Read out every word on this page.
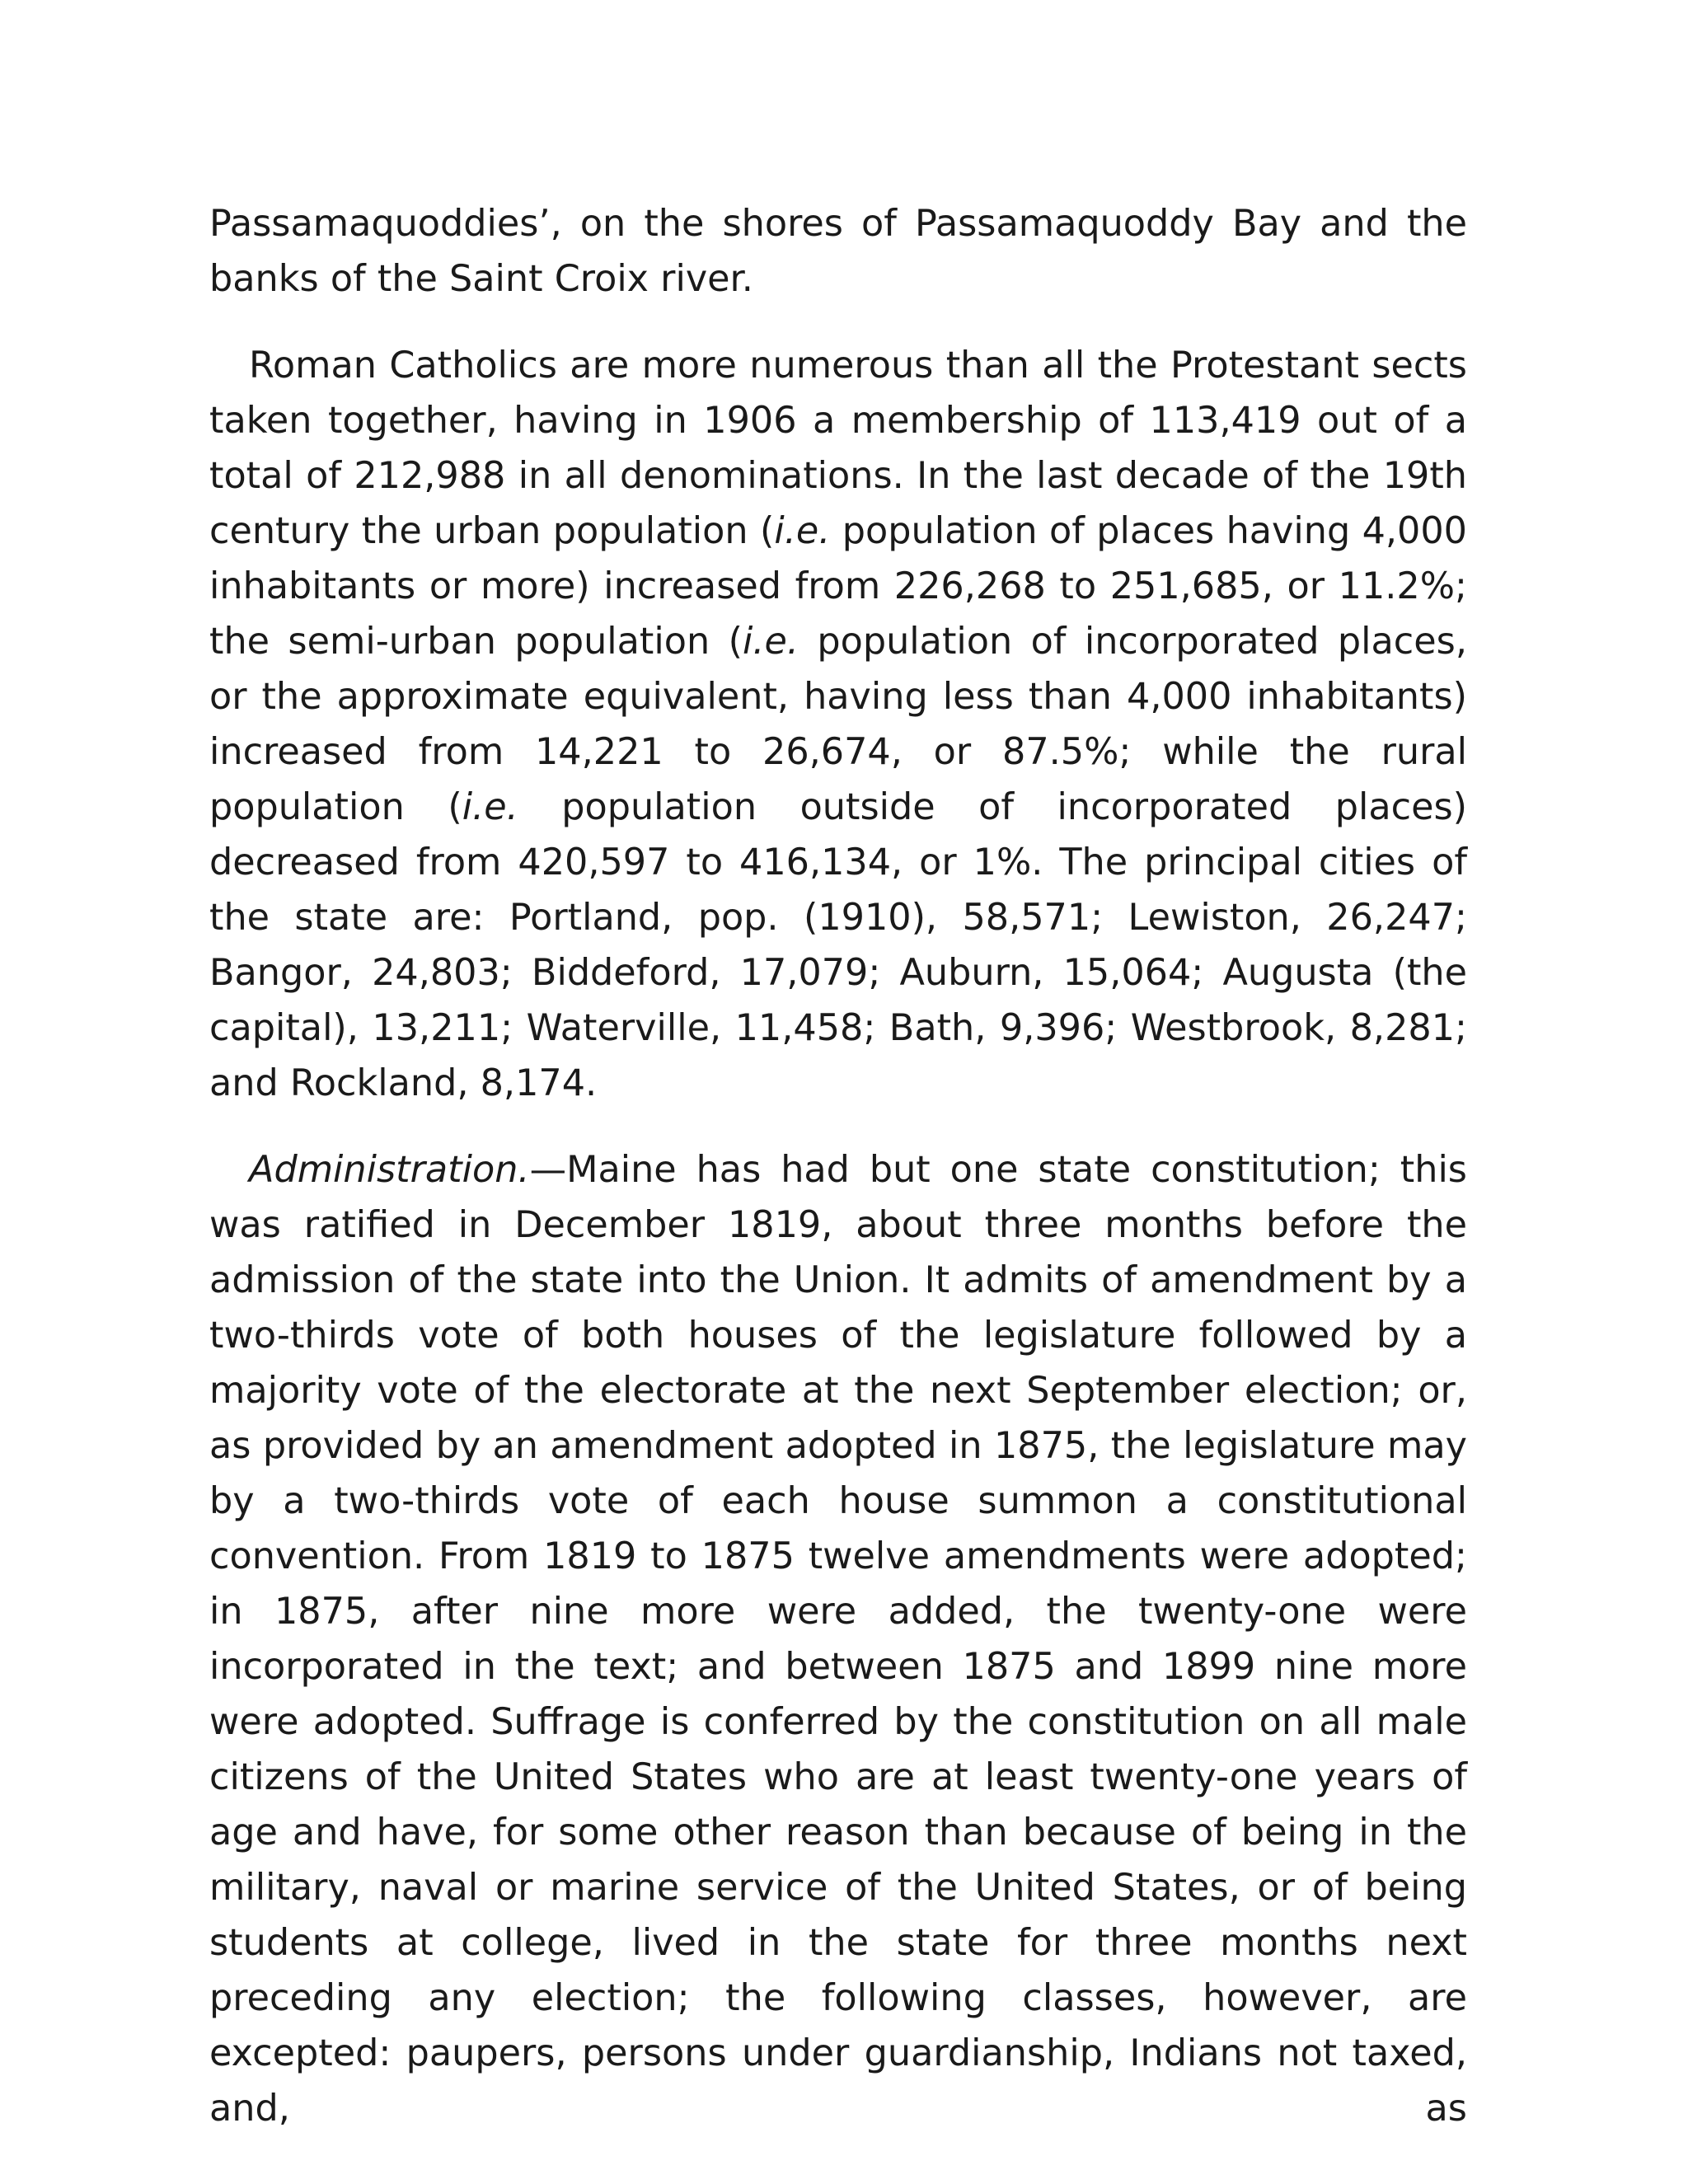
Passamaquoddies’, on the shores of Passamaquoddy Bay and the banks of the Saint Croix river.

Roman Catholics are more numerous than all the Protestant sects taken together, having in 1906 a membership of 113,419 out of a total of 212,988 in all denominations. In the last decade of the 19th century the urban population (i.e. population of places having 4,000 inhabitants or more) increased from 226,268 to 251,685, or 11.2%; the semi-urban population (i.e. population of incorporated places, or the approximate equivalent, having less than 4,000 inhabitants) increased from 14,221 to 26,674, or 87.5%; while the rural population (i.e. population outside of incorporated places) decreased from 420,597 to 416,134, or 1%. The principal cities of the state are: Portland, pop. (1910), 58,571; Lewiston, 26,247; Bangor, 24,803; Biddeford, 17,079; Auburn, 15,064; Augusta (the capital), 13,211; Waterville, 11,458; Bath, 9,396; Westbrook, 8,281; and Rockland, 8,174.

Administration.—Maine has had but one state constitution; this was ratified in December 1819, about three months before the admission of the state into the Union. It admits of amendment by a two-thirds vote of both houses of the legislature followed by a majority vote of the electorate at the next September election; or, as provided by an amendment adopted in 1875, the legislature may by a two-thirds vote of each house summon a constitutional convention. From 1819 to 1875 twelve amendments were adopted; in 1875, after nine more were added, the twenty-one were incorporated in the text; and between 1875 and 1899 nine more were adopted. Suffrage is conferred by the constitution on all male citizens of the United States who are at least twenty-one years of age and have, for some other reason than because of being in the military, naval or marine service of the United States, or of being students at college, lived in the state for three months next preceding any election; the following classes, however, are excepted: paupers, persons under guardianship, Indians not taxed, and, as
